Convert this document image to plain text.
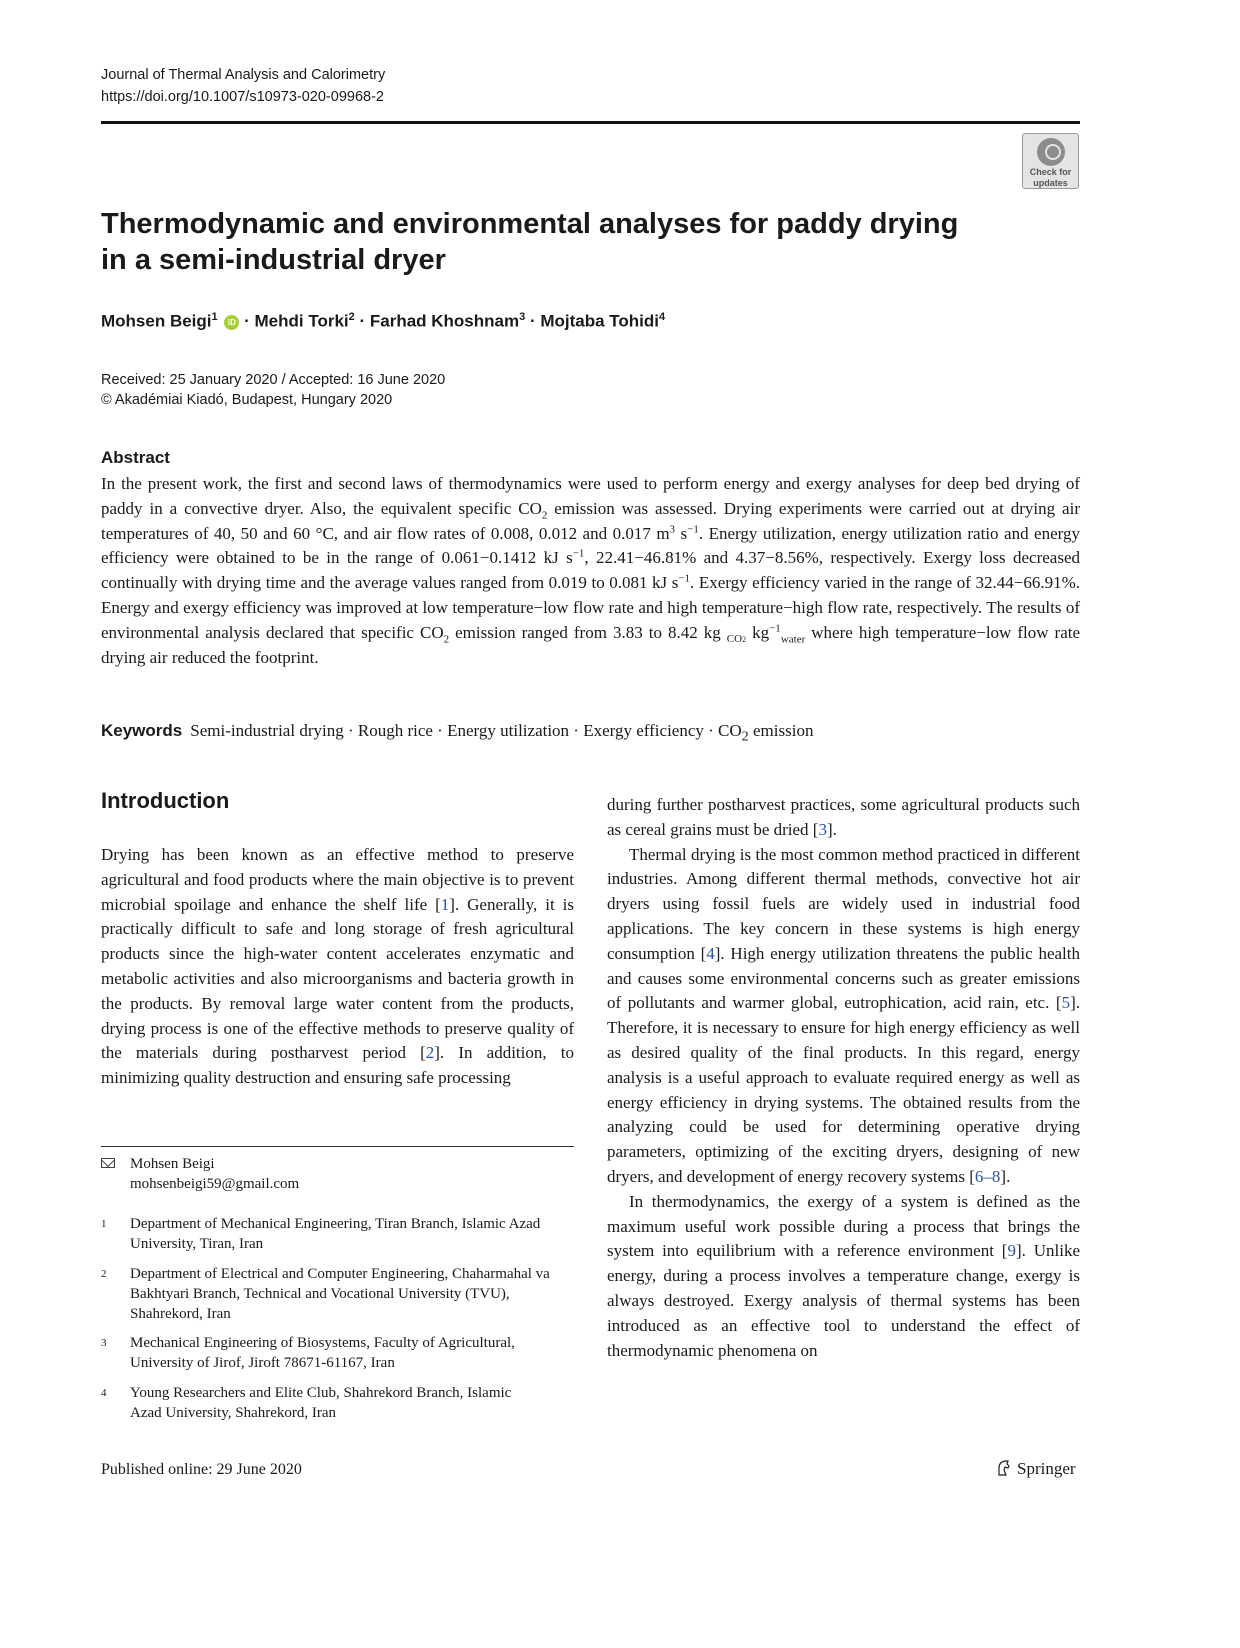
Journal of Thermal Analysis and Calorimetry
https://doi.org/10.1007/s10973-020-09968-2
Check for
updates
Thermodynamic and environmental analyses for paddy drying
in a semi-industrial dryer
Mohsen Beigi$^1$ iD · Mehdi Torki$^2$ · Farhad Khoshnam$^3$ · Mojtaba Tohidi$^4$
Received: 25 January 2020 / Accepted: 16 June 2020
© Akadémiai Kiadó, Budapest, Hungary 2020
Abstract

In the present work, the first and second laws of thermodynamics were used to perform energy and exergy analyses for deep bed drying of paddy in a convective dryer. Also, the equivalent specific $CO_2$ emission was assessed. Drying experiments were carried out at drying air temperatures of 40, 50 and 60 °C, and air flow rates of 0.008, 0.012 and 0.017 $m^3$ $s^{-1}$. Energy utilization, energy utilization ratio and energy efficiency were obtained to be in the range of 0.061−0.1412 kJ $s^{-1}$, 22.41−46.81% and 4.37−8.56%, respectively. Exergy loss decreased continually with drying time and the average values ranged from 0.019 to 0.081 kJ $s^{-1}$. Exergy efficiency varied in the range of 32.44−66.91%. Energy and exergy efficiency was improved at low temperature−low flow rate and high temperature−high flow rate, respectively. The results of environmental analysis declared that specific $CO_2$ emission ranged from 3.83 to 8.42 kg $_{CO2}$ $kg^{-1}_{water}$ where high temperature−low flow rate drying air reduced the footprint.

Keywords Semi-industrial drying · Rough rice · Energy utilization · Exergy efficiency · $CO_2$ emission
Introduction

Drying has been known as an effective method to preserve agricultural and food products where the main objective is to prevent microbial spoilage and enhance the shelf life [1]. Generally, it is practically difficult to safe and long storage of fresh agricultural products since the high-water content accelerates enzymatic and metabolic activities and also microorganisms and bacteria growth in the products. By removal large water content from the products, drying process is one of the effective methods to preserve quality of the materials during postharvest period [2]. In addition, to minimizing quality destruction and ensuring safe processing

during further postharvest practices, some agricultural products such as cereal grains must be dried [3].

Thermal drying is the most common method practiced in different industries. Among different thermal methods, convective hot air dryers using fossil fuels are widely used in industrial food applications. The key concern in these systems is high energy consumption [4]. High energy utilization threatens the public health and causes some environmental concerns such as greater emissions of pollutants and warmer global, eutrophication, acid rain, etc. [5]. Therefore, it is necessary to ensure for high energy efficiency as well as desired quality of the final products. In this regard, energy analysis is a useful approach to evaluate required energy as well as energy efficiency in drying systems. The obtained results from the analyzing could be used for determining operative drying parameters, optimizing of the exciting dryers, designing of new dryers, and development of energy recovery systems [6–8].

In thermodynamics, the exergy of a system is defined as the maximum useful work possible during a process that brings the system into equilibrium with a reference environment [9]. Unlike energy, during a process involves a temperature change, exergy is always destroyed. Exergy analysis of thermal systems has been introduced as an effective tool to understand the effect of thermodynamic phenomena on

Mohsen Beigi
mohsenbeigi59@gmail.com
1 Department of Mechanical Engineering, Tiran Branch, Islamic Azad University, Tiran, Iran
2 Department of Electrical and Computer Engineering, Chaharmahal va Bakhtyari Branch, Technical and Vocational University (TVU), Shahrekord, Iran
3 Mechanical Engineering of Biosystems, Faculty of Agricultural, University of Jirof, Jiroft 78671-61167, Iran
4 Young Researchers and Elite Club, Shahrekord Branch, Islamic Azad University, Shahrekord, Iran
Published online: 29 June 2020	Springer
